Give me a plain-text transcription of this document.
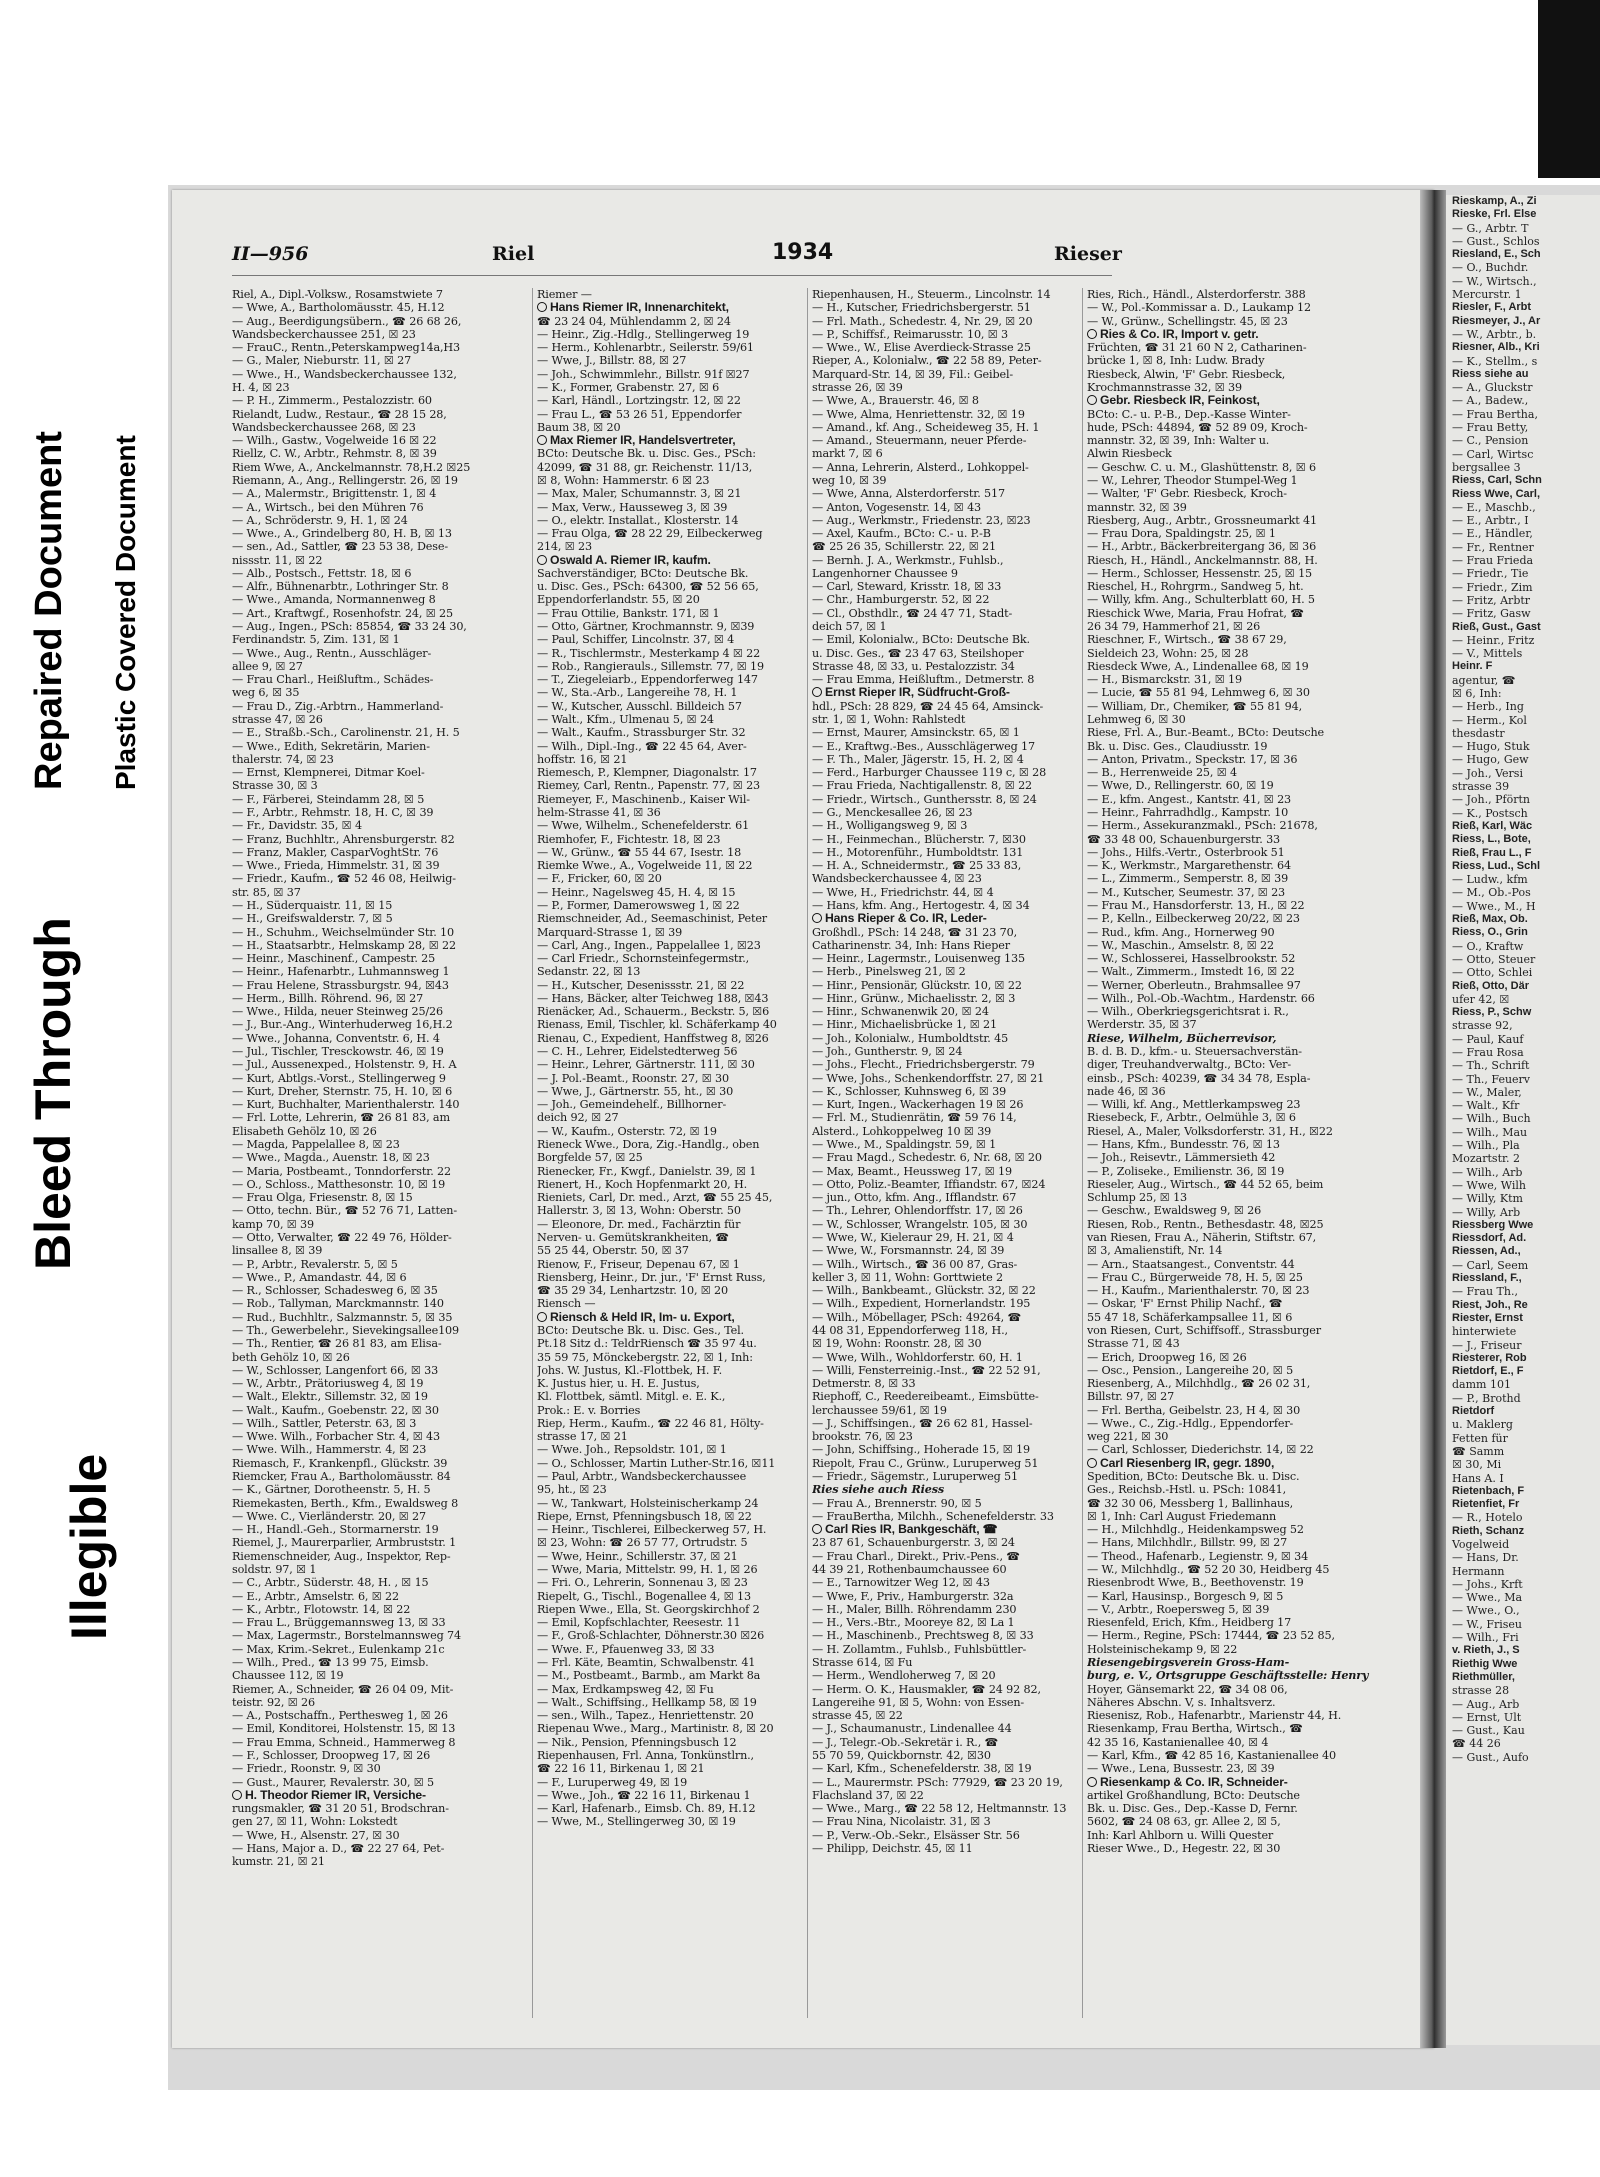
Bleed Through
Illegible
Repaired Document Plastic Covered Document
Rieskamp, A., Zi
Rieske, Frl. Else
— G., Arbtr. T
— Gust., Schlos
Riesland, E., Sch
— O., Buchdr.
— W., Wirtsch.,
Mercurstr. 1
Riesler, F., Arbt
Riesmeyer, J., Ar
— W., Arbtr., b.
Riesner, Alb., Kri
— K., Stellm., s
Riess siehe au
— A., Gluckstr
— A., Badew.,
— Frau Bertha,
— Frau Betty,
— C., Pension
— Carl, Wirtsc
bergsallee 3
Riess, Carl, Schn
Riess Wwe, Carl,
— E., Maschb.,
— E., Arbtr., I
— E., Händler,
— Fr., Rentner
— Frau Frieda
— Friedr., Tie
— Friedr., Zim
— Fritz, Arbtr
— Fritz, Gasw
Rieß, Gust., Gast
— Heinr., Fritz
— V., Mittels
Heinr. F
agentur, ☎
☒ 6, Inh:
— Herb., Ing
— Herm., Kol
thesdastr
— Hugo, Stuk
— Hugo, Gew
— Joh., Versi
strasse 39
— Joh., Pförtn
— K., Postsch
Rieß, Karl, Wäc
Riess, L., Bote,
Rieß, Frau L., F
Riess, Lud., Schl
— Ludw., kfm
— M., Ob.-Pos
— Wwe., M., H
Rieß, Max, Ob.
Riess, O., Grin
— O., Kraftw
— Otto, Steuer
— Otto, Schlei
Rieß, Otto, Där
ufer 42, ☒
Riess, P., Schw
strasse 92,
— Paul, Kauf
— Frau Rosa
— Th., Schrift
— Th., Feuerv
— W., Maler,
— Walt., Kfr
— Wilh., Buch
— Wilh., Mau
— Wilh., Pla
Mozartstr. 2
— Wilh., Arb
— Wwe, Wilh
— Willy, Ktm
— Willy, Arb
Riessberg Wwe
Riessdorf, Ad.
Riessen, Ad.,
— Carl, Seem
Riessland, F.,
— Frau Th.,
Riest, Joh., Re
Riester, Ernst
hinterwiete
— J., Friseur
Riesterer, Rob
Rietdorf, E., F
damm 101
— P., Brothd
Rietdorf
u. Maklerg
Fetten für
☎ Samm
☒ 30, Mi
Hans A. I
Rietenbach, F
Rietenfiet, Fr
— R., Hotelo
Rieth, Schanz
Vogelweid
— Hans, Dr.
Hermann
— Johs., Krft
— Wwe., Ma
— Wwe., O.,
— W., Friseu
— Wilh., Fri
v. Rieth, J., S
Riethig Wwe
Riethmüller,
strasse 28
— Aug., Arb
— Ernst, Ult
— Gust., Kau
☎ 44 26
— Gust., Aufo
II—956	Riel	1934	Rieser
Riel, A., Dipl.-Volksw., Rosamstwiete 7
— Wwe, A., Bartholomäusstr. 45, H.12
— Aug., Beerdigungsübern., ☎ 26 68 26,
Wandsbeckerchaussee 251, ☒ 23
— FrauC., Rentn.,Peterskampweg14a,H3
— G., Maler, Nieburstr. 11, ☒ 27
— Wwe., H., Wandsbeckerchaussee 132,
H. 4, ☒ 23
— P. H., Zimmerm., Pestalozzistr. 60
Rielandt, Ludw., Restaur., ☎ 28 15 28,
Wandsbeckerchaussee 268, ☒ 23
— Wilh., Gastw., Vogelweide 16 ☒ 22
Riellz, C. W., Arbtr., Rehmstr. 8, ☒ 39
Riem Wwe, A., Anckelmannstr. 78,H.2 ☒25
Riemann, A., Ang., Rellingerstr. 26, ☒ 19
— A., Malermstr., Brigittenstr. 1, ☒ 4
— A., Wirtsch., bei den Mühren 76
— A., Schröderstr. 9, H. 1, ☒ 24
— Wwe., A., Grindelberg 80, H. B, ☒ 13
— sen., Ad., Sattler, ☎ 23 53 38, Dese-
nissstr. 11, ☒ 22
— Alb., Postsch., Fettstr. 18, ☒ 6
— Alfr., Bühnenarbtr., Lothringer Str. 8
— Wwe., Amanda, Normannenweg 8
— Art., Kraftwgf., Rosenhofstr. 24, ☒ 25
— Aug., Ingen., PSch: 85854, ☎ 33 24 30,
Ferdinandstr. 5, Zim. 131, ☒ 1
— Wwe., Aug., Rentn., Ausschläger-
allee 9, ☒ 27
— Frau Charl., Heißluftm., Schädes-
weg 6, ☒ 35
— Frau D., Zig.-Arbtrn., Hammerland-
strasse 47, ☒ 26
— E., Straßb.-Sch., Carolinenstr. 21, H. 5
— Wwe., Edith, Sekretärin, Marien-
thalerstr. 74, ☒ 23
— Ernst, Klempnerei, Ditmar Koel-
Strasse 30, ☒ 3
— F., Färberei, Steindamm 28, ☒ 5
— F., Arbtr., Rehmstr. 18, H. C, ☒ 39
— Fr., Davidstr. 35, ☒ 4
— Franz, Buchhltr., Ahrensburgerstr. 82
— Franz, Makler, CasparVoghtStr. 76
— Wwe., Frieda, Himmelstr. 31, ☒ 39
— Friedr., Kaufm., ☎ 52 46 08, Heilwig-
str. 85, ☒ 37
— H., Süderquaistr. 11, ☒ 15
— H., Greifswalderstr. 7, ☒ 5
— H., Schuhm., Weichselmünder Str. 10
— H., Staatsarbtr., Helmskamp 28, ☒ 22
— Heinr., Maschinenf., Campestr. 25
— Heinr., Hafenarbtr., Luhmannsweg 1
— Frau Helene, Strassburgstr. 94, ☒43
— Herm., Billh. Röhrend. 96, ☒ 27
— Wwe., Hilda, neuer Steinweg 25/26
— J., Bur.-Ang., Winterhuderweg 16,H.2
— Wwe., Johanna, Conventstr. 6, H. 4
— Jul., Tischler, Tresckowstr. 46, ☒ 19
— Jul., Aussenexped., Holstenstr. 9, H. A
— Kurt, Abtlgs.-Vorst., Stellingerweg 9
— Kurt, Dreher, Sternstr. 75, H. 10, ☒ 6
— Kurt, Buchhalter, Marienthalerstr. 140
— Frl. Lotte, Lehrerin, ☎ 26 81 83, am
Elisabeth Gehölz 10, ☒ 26
— Magda, Pappelallee 8, ☒ 23
— Wwe., Magda., Auenstr. 18, ☒ 23
— Maria, Postbeamt., Tonndorferstr. 22
— O., Schloss., Matthesonstr. 10, ☒ 19
— Frau Olga, Friesenstr. 8, ☒ 15
— Otto, techn. Bür., ☎ 52 76 71, Latten-
kamp 70, ☒ 39
— Otto, Verwalter, ☎ 22 49 76, Hölder-
linsallee 8, ☒ 39
— P., Arbtr., Revalerstr. 5, ☒ 5
— Wwe., P., Amandastr. 44, ☒ 6
— R., Schlosser, Schadesweg 6, ☒ 35
— Rob., Tallyman, Marckmannstr. 140
— Rud., Buchhltr., Salzmannstr. 5, ☒ 35
— Th., Gewerbelehr., Sievekingsallee109
— Th., Rentier, ☎ 26 81 83, am Elisa-
beth Gehölz 10, ☒ 26
— W., Schlosser, Langenfort 66, ☒ 33
— W., Arbtr., Prätoriusweg 4, ☒ 19
— Walt., Elektr., Sillemstr. 32, ☒ 19
— Walt., Kaufm., Goebenstr. 22, ☒ 30
— Wilh., Sattler, Peterstr. 63, ☒ 3
— Wwe. Wilh., Forbacher Str. 4, ☒ 43
— Wwe. Wilh., Hammerstr. 4, ☒ 23
Riemasch, F., Krankenpfl., Glückstr. 39
Riemcker, Frau A., Bartholomäusstr. 84
— K., Gärtner, Dorotheenstr. 5, H. 5
Riemekasten, Berth., Kfm., Ewaldsweg 8
— Wwe. C., Vierländerstr. 20, ☒ 27
— H., Handl.-Geh., Stormarnerstr. 19
Riemel, J., Maurerparlier, Armbruststr. 1
Riemenschneider, Aug., Inspektor, Rep-
soldstr. 97, ☒ 1
— C., Arbtr., Süderstr. 48, H. , ☒ 15
— E., Arbtr., Amselstr. 6, ☒ 22
— K., Arbtr., Flotowstr. 14, ☒ 22
— Frau L., Brüggemannsweg 13, ☒ 33
— Max, Lagermstr., Borstelmannsweg 74
— Max, Krim.-Sekret., Eulenkamp 21c
— Wilh., Pred., ☎ 13 99 75, Eimsb.
Chaussee 112, ☒ 19
Riemer, A., Schneider, ☎ 26 04 09, Mit-
teistr. 92, ☒ 26
— A., Postschaffn., Perthesweg 1, ☒ 26
— Emil, Konditorei, Holstenstr. 15, ☒ 13
— Frau Emma, Schneid., Hammerweg 8
— F., Schlosser, Droopweg 17, ☒ 26
— Friedr., Roonstr. 9, ☒ 30
— Gust., Maurer, Revalerstr. 30, ☒ 5
H. Theodor Riemer IR, Versiche-
rungsmakler, ☎ 31 20 51, Brodschran-
gen 27, ☒ 11, Wohn: Lokstedt
— Wwe, H., Alsenstr. 27, ☒ 30
— Hans, Major a. D., ☎ 22 27 64, Pet-
kumstr. 21, ☒ 21
Riemer —
Hans Riemer IR, Innenarchitekt,
☎ 23 24 04, Mühlendamm 2, ☒ 24
— Heinr., Zig.-Hdlg., Stellingerweg 19
— Herm., Kohlenarbtr., Seilerstr. 59/61
— Wwe, J., Billstr. 88, ☒ 27
— Joh., Schwimmlehr., Billstr. 91f ☒27
— K., Former, Grabenstr. 27, ☒ 6
— Karl, Händl., Lortzingstr. 12, ☒ 22
— Frau L., ☎ 53 26 51, Eppendorfer
Baum 38, ☒ 20
Max Riemer IR, Handelsvertreter,
BCto: Deutsche Bk. u. Disc. Ges., PSch:
42099, ☎ 31 88, gr. Reichenstr. 11/13,
☒ 8, Wohn: Hammerstr. 6 ☒ 23
— Max, Maler, Schumannstr. 3, ☒ 21
— Max, Verw., Hausseweg 3, ☒ 39
— O., elektr. Installat., Klosterstr. 14
— Frau Olga, ☎ 28 22 29, Eilbeckerweg
214, ☒ 23
Oswald A. Riemer IR, kaufm.
Sachverständiger, BCto: Deutsche Bk.
u. Disc. Ges., PSch: 64300, ☎ 52 56 65,
Eppendorferlandstr. 55, ☒ 20
— Frau Ottilie, Bankstr. 171, ☒ 1
— Otto, Gärtner, Krochmannstr. 9, ☒39
— Paul, Schiffer, Lincolnstr. 37, ☒ 4
— R., Tischlermstr., Mesterkamp 4 ☒ 22
— Rob., Rangierauls., Sillemstr. 77, ☒ 19
— T., Ziegeleiarb., Eppendorferweg 147
— W., Sta.-Arb., Langereihe 78, H. 1
— W., Kutscher, Ausschl. Billdeich 57
— Walt., Kfm., Ulmenau 5, ☒ 24
— Walt., Kaufm., Strassburger Str. 32
— Wilh., Dipl.-Ing., ☎ 22 45 64, Aver-
hoffstr. 16, ☒ 21
Riemesch, P., Klempner, Diagonalstr. 17
Riemey, Carl, Rentn., Papenstr. 77, ☒ 23
Riemeyer, F., Maschinenb., Kaiser Wil-
helm-Strasse 41, ☒ 36
— Wwe, Wilhelm., Schenefelderstr. 61
Riemhofer, F., Fichtestr. 18, ☒ 23
— W., Grünw., ☎ 55 44 67, Isestr. 18
Riemke Wwe., A., Vogelweide 11, ☒ 22
— F., Fricker, 60, ☒ 20
— Heinr., Nagelsweg 45, H. 4, ☒ 15
— P., Former, Damerowsweg 1, ☒ 22
Riemschneider, Ad., Seemaschinist, Peter
Marquard-Strasse 1, ☒ 39
— Carl, Ang., Ingen., Pappelallee 1, ☒23
— Carl Friedr., Schornsteinfegermstr.,
Sedanstr. 22, ☒ 13
— H., Kutscher, Desenissstr. 21, ☒ 22
— Hans, Bäcker, alter Teichweg 188, ☒43
Rienäcker, Ad., Schauerm., Beckstr. 5, ☒6
Rienass, Emil, Tischler, kl. Schäferkamp 40
Rienau, C., Expedient, Hanffstweg 8, ☒26
— C. H., Lehrer, Eidelstedterweg 56
— Heinr., Lehrer, Gärtnerstr. 111, ☒ 30
— J. Pol.-Beamt., Roonstr. 27, ☒ 30
— Wwe, J., Gärtnerstr. 55, ht., ☒ 30
— Joh., Gemeindehelf., Billhorner-
deich 92, ☒ 27
— W., Kaufm., Osterstr. 72, ☒ 19
Rieneck Wwe., Dora, Zig.-Handlg., oben
Borgfelde 57, ☒ 25
Rienecker, Fr., Kwgf., Danielstr. 39, ☒ 1
Rienert, H., Koch Hopfenmarkt 20, H.
Rieniets, Carl, Dr. med., Arzt, ☎ 55 25 45,
Hallerstr. 3, ☒ 13, Wohn: Oberstr. 50
— Eleonore, Dr. med., Fachärztin für
Nerven- u. Gemütskrankheiten, ☎
55 25 44, Oberstr. 50, ☒ 37
Rienow, F., Friseur, Depenau 67, ☒ 1
Riensberg, Heinr., Dr. jur., 'F' Ernst Russ,
☎ 35 29 34, Lenhartzstr. 10, ☒ 20
Riensch —
Riensch & Held IR, Im- u. Export,
BCto: Deutsche Bk. u. Disc. Ges., Tel.
Pt.18 Sitz d.: TeldrRiensch ☎ 35 97 4u.
35 59 75, Mönckebergstr. 22, ☒ 1, Inh:
Johs. W. Justus, Kl.-Flottbek, H. F.
K. Justus hier, u. H. E. Justus,
Kl. Flottbek, sämtl. Mitgl. e. E. K.,
Prok.: E. v. Borries
Riep, Herm., Kaufm., ☎ 22 46 81, Hölty-
strasse 17, ☒ 21
— Wwe. Joh., Repsoldstr. 101, ☒ 1
— O., Schlosser, Martin Luther-Str.16, ☒11
— Paul, Arbtr., Wandsbeckerchaussee
95, ht., ☒ 23
— W., Tankwart, Holsteinischerkamp 24
Riepe, Ernst, Pfenningsbusch 18, ☒ 22
— Heinr., Tischlerei, Eilbeckerweg 57, H.
☒ 23, Wohn: ☎ 26 57 77, Ortrudstr. 5
— Wwe, Heinr., Schillerstr. 37, ☒ 21
— Wwe, Maria, Mittelstr. 99, H. 1, ☒ 26
— Fri. O., Lehrerin, Sonnenau 3, ☒ 23
Riepelt, G., Tischl., Bogenallee 4, ☒ 13
Riepen Wwe., Ella, St. Georgskirchhof 2
— Emil, Kopfschlachter, Reesestr. 11
— F., Groß-Schlachter, Döhnerstr.30 ☒26
— Wwe. F., Pfauenweg 33, ☒ 33
— Frl. Käte, Beamtin, Schwalbenstr. 41
— M., Postbeamt., Barmb., am Markt 8a
— Max, Erdkampsweg 42, ☒ Fu
— Walt., Schiffsing., Hellkamp 58, ☒ 19
— sen., Wilh., Tapez., Henriettenstr. 20
Riepenau Wwe., Marg., Martinistr. 8, ☒ 20
— Nik., Pension, Pfenningsbusch 12
Riepenhausen, Frl. Anna, Tonkünstlrn.,
☎ 22 16 11, Birkenau 1, ☒ 21
— F., Luruperweg 49, ☒ 19
— Wwe., Joh., ☎ 22 16 11, Birkenau 1
— Karl, Hafenarb., Eimsb. Ch. 89, H.12
— Wwe, M., Stellingerweg 30, ☒ 19
Riepenhausen, H., Steuerm., Lincolnstr. 14
— H., Kutscher, Friedrichsbergerstr. 51
— Frl. Math., Schedestr. 4, Nr. 29, ☒ 20
— P., Schiffsf., Reimarusstr. 10, ☒ 3
— Wwe., W., Elise Averdieck-Strasse 25
Rieper, A., Kolonialw., ☎ 22 58 89, Peter-
Marquard-Str. 14, ☒ 39, Fil.: Geibel-
strasse 26, ☒ 39
— Wwe, A., Brauerstr. 46, ☒ 8
— Wwe, Alma, Henriettenstr. 32, ☒ 19
— Amand., kf. Ang., Scheideweg 35, H. 1
— Amand., Steuermann, neuer Pferde-
markt 7, ☒ 6
— Anna, Lehrerin, Alsterd., Lohkoppel-
weg 10, ☒ 39
— Wwe, Anna, Alsterdorferstr. 517
— Anton, Vogesenstr. 14, ☒ 43
— Aug., Werkmstr., Friedenstr. 23, ☒23
— Axel, Kaufm., BCto: C.- u. P.-B
☎ 25 26 35, Schillerstr. 22, ☒ 21
— Bernh. J. A., Werkmstr., Fuhlsb.,
Langenhorner Chaussee 9
— Carl, Steward, Krisstr. 18, ☒ 33
— Chr., Hamburgerstr. 52, ☒ 22
— Cl., Obsthdlr., ☎ 24 47 71, Stadt-
deich 57, ☒ 1
— Emil, Kolonialw., BCto: Deutsche Bk.
u. Disc. Ges., ☎ 23 47 63, Steilshoper
Strasse 48, ☒ 33, u. Pestalozzistr. 34
— Frau Emma, Heißluftm., Detmerstr. 8
Ernst Rieper IR, Südfrucht-Groß-
hdl., PSch: 28 829, ☎ 24 45 64, Amsinck-
str. 1, ☒ 1, Wohn: Rahlstedt
— Ernst, Maurer, Amsinckstr. 65, ☒ 1
— E., Kraftwg.-Bes., Ausschlägerweg 17
— F. Th., Maler, Jägerstr. 15, H. 2, ☒ 4
— Ferd., Harburger Chaussee 119 c, ☒ 28
— Frau Frieda, Nachtigallenstr. 8, ☒ 22
— Friedr., Wirtsch., Gunthersstr. 8, ☒ 24
— G., Menckesallee 26, ☒ 23
— H., Wolligangsweg 9, ☒ 3
— H., Feinmechan., Blücherstr. 7, ☒30
— H., Motorenführ., Humboldtstr. 131
— H. A., Schneidermstr., ☎ 25 33 83,
Wandsbeckerchaussee 4, ☒ 23
— Wwe, H., Friedrichstr. 44, ☒ 4
— Hans, kfm. Ang., Hertogestr. 4, ☒ 34
Hans Rieper & Co. IR, Leder-
Großhdl., PSch: 14 248, ☎ 31 23 70,
Catharinenstr. 34, Inh: Hans Rieper
— Heinr., Lagermstr., Louisenweg 135
— Herb., Pinelsweg 21, ☒ 2
— Hinr., Pensionär, Glückstr. 10, ☒ 22
— Hinr., Grünw., Michaelisstr. 2, ☒ 3
— Hinr., Schwanenwik 20, ☒ 24
— Hinr., Michaelisbrücke 1, ☒ 21
— Joh., Kolonialw., Humboldtstr. 45
— Joh., Guntherstr. 9, ☒ 24
— Johs., Flecht., Friedrichsbergerstr. 79
— Wwe, Johs., Schenkendorffstr. 27, ☒ 21
— K., Schlosser, Kuhnsweg 6, ☒ 39
— Kurt, Ingen., Wackerhagen 19 ☒ 26
— Frl. M., Studienrätin, ☎ 59 76 14,
Alsterd., Lohkoppelweg 10 ☒ 39
— Wwe., M., Spaldingstr. 59, ☒ 1
— Frau Magd., Schedestr. 6, Nr. 68, ☒ 20
— Max, Beamt., Heussweg 17, ☒ 19
— Otto, Poliz.-Beamter, Iffiandstr. 67, ☒24
— jun., Otto, kfm. Ang., Ifflandstr. 67
— Th., Lehrer, Ohlendorffstr. 17, ☒ 26
— W., Schlosser, Wrangelstr. 105, ☒ 30
— Wwe, W., Kieleraur 29, H. 21, ☒ 4
— Wwe, W., Forsmannstr. 24, ☒ 39
— Wilh., Wirtsch., ☎ 36 00 87, Gras-
keller 3, ☒ 11, Wohn: Gorttwiete 2
— Wilh., Bankbeamt., Glückstr. 32, ☒ 22
— Wilh., Expedient, Hornerlandstr. 195
— Wilh., Möbellager, PSch: 49264, ☎
44 08 31, Eppendorferweg 118, H.,
☒ 19, Wohn: Roonstr. 28, ☒ 30
— Wwe, Wilh., Wohldorferstr. 60, H. 1
— Willi, Fensterreinig.-Inst., ☎ 22 52 91,
Detmerstr. 8, ☒ 33
Riephoff, C., Reedereibeamt., Eimsbütte-
lerchaussee 59/61, ☒ 19
— J., Schiffsingen., ☎ 26 62 81, Hassel-
brookstr. 76, ☒ 23
— John, Schiffsing., Hoherade 15, ☒ 19
Riepolt, Frau C., Grünw., Luruperweg 51
— Friedr., Sägemstr., Luruperweg 51
Ries siehe auch Riess
— Frau A., Brennerstr. 90, ☒ 5
— FrauBertha, Milchh., Schenefelderstr. 33
Carl Ries IR, Bankgeschäft, ☎
23 87 61, Schauenburgerstr. 3, ☒ 24
— Frau Charl., Direkt., Priv.-Pens., ☎
44 39 21, Rothenbaumchaussee 60
— E., Tarnowitzer Weg 12, ☒ 43
— Wwe, F., Priv., Hamburgerstr. 32a
— H., Maler, Billh. Röhrendamm 230
— H., Vers.-Btr., Mooreye 82, ☒ La 1
— H., Maschinenb., Prechtsweg 8, ☒ 33
— H. Zollamtm., Fuhlsb., Fuhlsbüttler-
Strasse 614, ☒ Fu
— Herm., Wendloherweg 7, ☒ 20
— Herm. O. K., Hausmakler, ☎ 24 92 82,
Langereihe 91, ☒ 5, Wohn: von Essen-
strasse 45, ☒ 22
— J., Schaumanustr., Lindenallee 44
— J., Telegr.-Ob.-Sekretär i. R., ☎
55 70 59, Quickbornstr. 42, ☒30
— Karl, Kfm., Schenefelderstr. 38, ☒ 19
— L., Maurermstr. PSch: 77929, ☎ 23 20 19,
Flachsland 37, ☒ 22
— Wwe., Marg., ☎ 22 58 12, Heltmannstr. 13
— Frau Nina, Nicolaistr. 31, ☒ 3
— P., Verw.-Ob.-Sekr., Elsässer Str. 56
— Philipp, Deichstr. 45, ☒ 11
Ries, Rich., Händl., Alsterdorferstr. 388
— W., Pol.-Kommissar a. D., Laukamp 12
— W., Grünw., Schellingstr. 45, ☒ 23
Ries & Co. IR, Import v. getr.
Früchten, ☎ 31 21 60 N 2, Catharinen-
brücke 1, ☒ 8, Inh: Ludw. Brady
Riesbeck, Alwin, 'F' Gebr. Riesbeck,
Krochmannstrasse 32, ☒ 39
Gebr. Riesbeck IR, Feinkost,
BCto: C.- u. P.-B., Dep.-Kasse Winter-
hude, PSch: 44894, ☎ 52 89 09, Kroch-
mannstr. 32, ☒ 39, Inh: Walter u.
Alwin Riesbeck
— Geschw. C. u. M., Glashüttenstr. 8, ☒ 6
— W., Lehrer, Theodor Stumpel-Weg 1
— Walter, 'F' Gebr. Riesbeck, Kroch-
mannstr. 32, ☒ 39
Riesberg, Aug., Arbtr., Grossneumarkt 41
— Frau Dora, Spaldingstr. 25, ☒ 1
— H., Arbtr., Bäckerbreitergang 36, ☒ 36
Riesch, H., Händl., Anckelmannstr. 88, H.
— Herm., Schlosser, Hessenstr. 25, ☒ 15
Rieschel, H., Rohrgrm., Sandweg 5, ht.
— Willy, kfm. Ang., Schulterblatt 60, H. 5
Rieschick Wwe, Maria, Frau Hofrat, ☎
26 34 79, Hammerhof 21, ☒ 26
Rieschner, F., Wirtsch., ☎ 38 67 29,
Sieldeich 23, Wohn: 25, ☒ 28
Riesdeck Wwe, A., Lindenallee 68, ☒ 19
— H., Bismarckstr. 31, ☒ 19
— Lucie, ☎ 55 81 94, Lehmweg 6, ☒ 30
— William, Dr., Chemiker, ☎ 55 81 94,
Lehmweg 6, ☒ 30
Riese, Frl. A., Bur.-Beamt., BCto: Deutsche
Bk. u. Disc. Ges., Claudiusstr. 19
— Anton, Privatm., Speckstr. 17, ☒ 36
— B., Herrenweide 25, ☒ 4
— Wwe, D., Rellingerstr. 60, ☒ 19
— E., kfm. Angest., Kantstr. 41, ☒ 23
— Heinr., Fahrradhdlg., Kampstr. 10
— Herm., Assekuranzmakl., PSch: 21678,
☎ 33 48 00, Schauenburgerstr. 33
— Johs., Hilfs.-Vertr., Osterbrook 51
— K., Werkmstr., Margarethenstr. 64
— L., Zimmerm., Semperstr. 8, ☒ 39
— M., Kutscher, Seumestr. 37, ☒ 23
— Frau M., Hansdorferstr. 13, H., ☒ 22
— P., Kelln., Eilbeckerweg 20/22, ☒ 23
— Rud., kfm. Ang., Hornerweg 90
— W., Maschin., Amselstr. 8, ☒ 22
— W., Schlosserei, Hasselbrookstr. 52
— Walt., Zimmerm., Imstedt 16, ☒ 22
— Werner, Oberleutn., Brahmsallee 97
— Wilh., Pol.-Ob.-Wachtm., Hardenstr. 66
— Wilh., Oberkriegsgerichtsrat i. R.,
Werderstr. 35, ☒ 37
Riese, Wilhelm, Bücherrevisor,
B. d. B. D., kfm.- u. Steuersachverstän-
diger, Treuhandverwaltg., BCto: Ver-
einsb., PSch: 40239, ☎ 34 34 78, Espla-
nade 46, ☒ 36
— Willi, kf. Ang., Mettlerkampsweg 23
Riesebeck, F., Arbtr., Oelmühle 3, ☒ 6
Riesel, A., Maler, Volksdorferstr. 31, H., ☒22
— Hans, Kfm., Bundesstr. 76, ☒ 13
— Joh., Reisevtr., Lämmersieth 42
— P., Zoliseke., Emilienstr. 36, ☒ 19
Rieseler, Aug., Wirtsch., ☎ 44 52 65, beim
Schlump 25, ☒ 13
— Geschw., Ewaldsweg 9, ☒ 26
Riesen, Rob., Rentn., Bethesdastr. 48, ☒25
van Riesen, Frau A., Näherin, Stiftstr. 67,
☒ 3, Amalienstift, Nr. 14
— Arn., Staatsangest., Conventstr. 44
— Frau C., Bürgerweide 78, H. 5, ☒ 25
— H., Kaufm., Marienthalerstr. 70, ☒ 23
— Oskar, 'F' Ernst Philip Nachf., ☎
55 47 18, Schäferkampsallee 11, ☒ 6
von Riesen, Curt, Schiffsoff., Strassburger
Strasse 71, ☒ 43
— Erich, Droopweg 16, ☒ 26
— Osc., Pension., Langereihe 20, ☒ 5
Riesenberg, A., Milchhdlg., ☎ 26 02 31,
Billstr. 97, ☒ 27
— Frl. Bertha, Geibelstr. 23, H 4, ☒ 30
— Wwe., C., Zig.-Hdlg., Eppendorfer-
weg 221, ☒ 30
— Carl, Schlosser, Diederichstr. 14, ☒ 22
Carl Riesenberg IR, gegr. 1890,
Spedition, BCto: Deutsche Bk. u. Disc.
Ges., Reichsb.-Hstl. u. PSch: 10841,
☎ 32 30 06, Messberg 1, Ballinhaus,
☒ 1, Inh: Carl August Friedemann
— H., Milchhdlg., Heidenkampsweg 52
— Hans, Milchhdlr., Billstr. 99, ☒ 27
— Theod., Hafenarb., Legienstr. 9, ☒ 34
— W., Milchhdlg., ☎ 52 20 30, Heidberg 45
Riesenbrodt Wwe, B., Beethovenstr. 19
— Karl, Hausinsp., Borgesch 9, ☒ 5
— V., Arbtr., Roepersweg 5, ☒ 39
Riesenfeld, Erich, Kfm., Heidberg 17
— Herm., Regine, PSch: 17444, ☎ 23 52 85,
Holsteinischekamp 9, ☒ 22
Riesengebirgsverein Gross-Ham-
burg, e. V., Ortsgruppe Geschäftsstelle: Henry
Hoyer, Gänsemarkt 22, ☎ 34 08 06,
Näheres Abschn. V, s. Inhaltsverz.
Riesenisz, Rob., Hafenarbtr., Marienstr 44, H.
Riesenkamp, Frau Bertha, Wirtsch., ☎
42 35 16, Kastanienallee 40, ☒ 4
— Karl, Kfm., ☎ 42 85 16, Kastanienallee 40
— Wwe., Lena, Bussestr. 23, ☒ 39
Riesenkamp & Co. IR, Schneider-
artikel Großhandlung, BCto: Deutsche
Bk. u. Disc. Ges., Dep.-Kasse D, Fernr.
5602, ☎ 24 08 63, gr. Allee 2, ☒ 5,
Inh: Karl Ahlborn u. Willi Quester
Rieser Wwe., D., Hegestr. 22, ☒ 30
